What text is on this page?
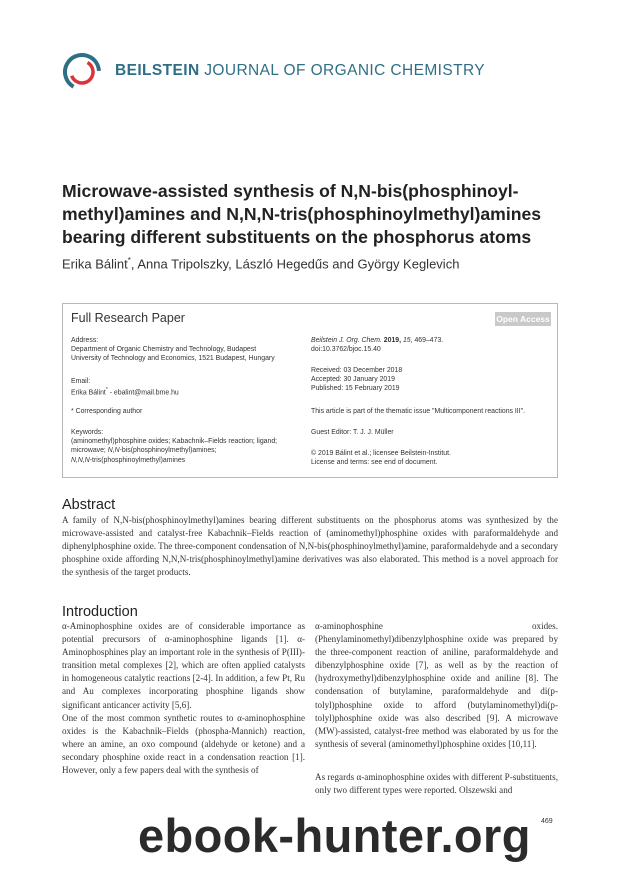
BEILSTEIN JOURNAL OF ORGANIC CHEMISTRY
Microwave-assisted synthesis of N,N-bis(phosphinoyl-
methyl)amines and N,N,N-tris(phosphinoylmethyl)amines
bearing different substituents on the phosphorus atoms
Erika Bálint*, Anna Tripolszky, László Hegedűs and György Keglevich
Full Research Paper	Open Access
Address:
Department of Organic Chemistry and Technology, Budapest
University of Technology and Economics, 1521 Budapest, Hungary
Email:
Erika Bálint* - ebalint@mail.bme.hu
* Corresponding author
Keywords:
(aminomethyl)phosphine oxides; Kabachnik–Fields reaction; ligand;
microwave; N,N-bis(phosphinoylmethyl)amines;
N,N,N-tris(phosphinoylmethyl)amines
Beilstein J. Org. Chem. 2019, 15, 469–473.
doi:10.3762/bjoc.15.40
Received: 03 December 2018
Accepted: 30 January 2019
Published: 15 February 2019
This article is part of the thematic issue "Multicomponent reactions III".
Guest Editor: T. J. J. Müller
© 2019 Bálint et al.; licensee Beilstein-Institut.
License and terms: see end of document.
Abstract
A family of N,N-bis(phosphinoylmethyl)amines bearing different substituents on the phosphorus atoms was synthesized by the microwave-assisted and catalyst-free Kabachnik–Fields reaction of (aminomethyl)phosphine oxides with paraformaldehyde and diphenylphosphine oxide. The three-component condensation of N,N-bis(phosphinoylmethyl)amine, paraformaldehyde and a secondary phosphine oxide affording N,N,N-tris(phosphinoylmethyl)amine derivatives was also elaborated. This method is a novel approach for the synthesis of the target products.
Introduction
α-Aminophosphine oxides are of considerable importance as potential precursors of α-aminophosphine ligands [1]. α-Aminophosphines play an important role in the synthesis of P(III)-transition metal complexes [2], which are often applied catalysts in homogeneous catalytic reactions [2-4]. In addition, a few Pt, Ru and Au complexes incorporating phosphine ligands show significant anticancer activity [5,6].
One of the most common synthetic routes to α-aminophosphine oxides is the Kabachnik–Fields (phospha-Mannich) reaction, where an amine, an oxo compound (aldehyde or ketone) and a secondary phosphine oxide react in a condensation reaction [1]. However, only a few papers deal with the synthesis of
α-aminophosphine oxides. (Phenylaminomethyl)dibenzylphosphine oxide was prepared by the three-component reaction of aniline, paraformaldehyde and dibenzylphosphine oxide [7], as well as by the reaction of (hydroxymethyl)dibenzylphosphine oxide and aniline [8]. The condensation of butylamine, paraformaldehyde and di(p-tolyl)phosphine oxide to afford (butylaminomethyl)di(p-tolyl)phosphine oxide was also described [9]. A microwave (MW)-assisted, catalyst-free method was elaborated by us for the synthesis of several (aminomethyl)phosphine oxides [10,11].
As regards α-aminophosphine oxides with different P-substituents, only two different types were reported. Olszewski and
469
ebook-hunter.org
